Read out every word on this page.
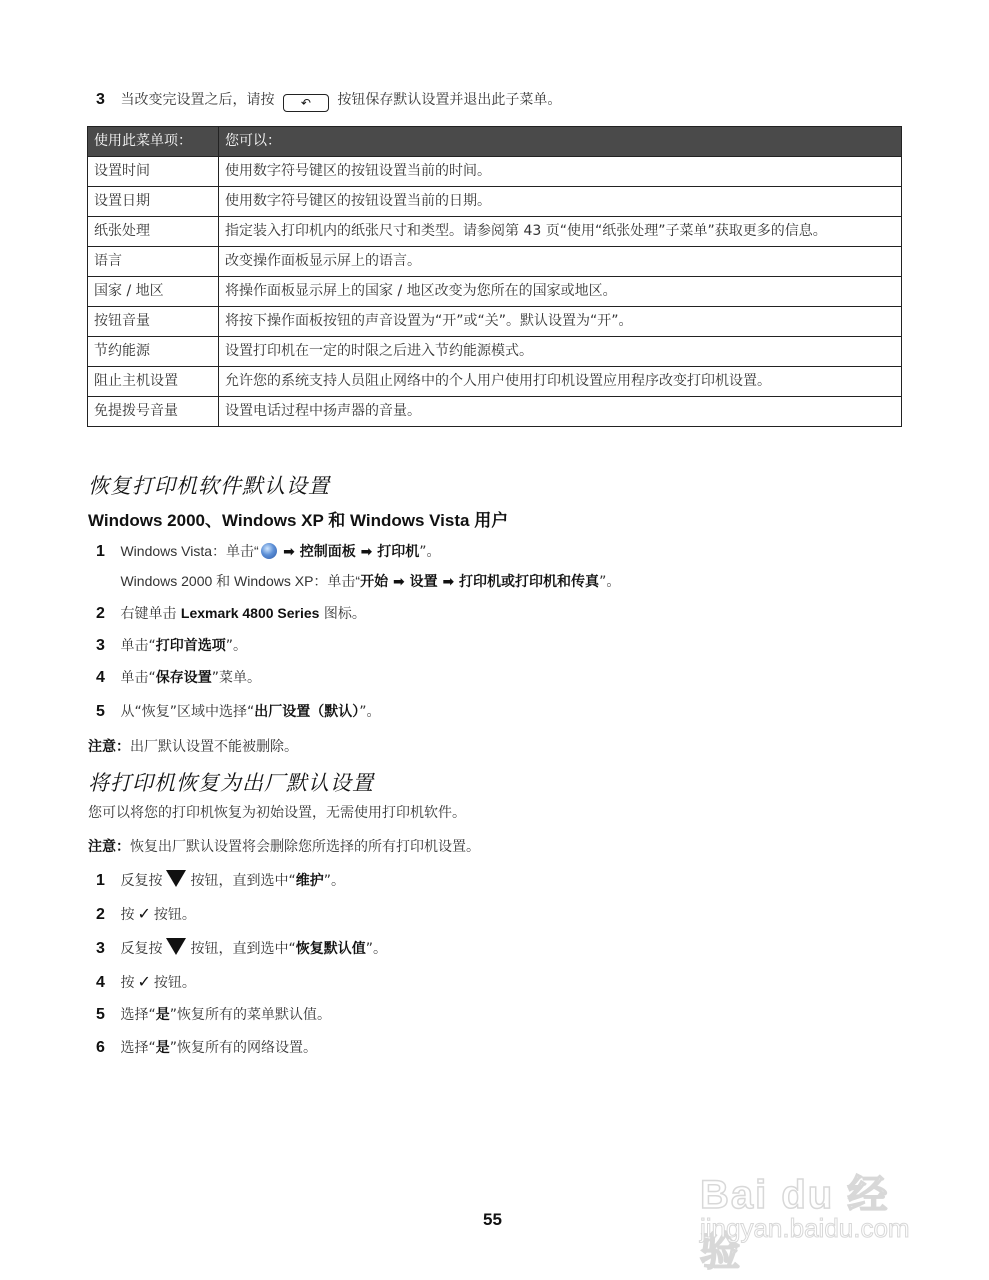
3 当改变完设置之后，请按 ↶ 按钮保存默认设置并退出此子菜单。
使用此菜单项：	您可以：
设置时间	使用数字符号键区的按钮设置当前的时间。
设置日期	使用数字符号键区的按钮设置当前的日期。
纸张处理	指定装入打印机内的纸张尺寸和类型。请参阅第 43 页“使用“纸张处理”子菜单”获取更多的信息。
语言	改变操作面板显示屏上的语言。
国家 / 地区	将操作面板显示屏上的国家 / 地区改变为您所在的国家或地区。
按钮音量	将按下操作面板按钮的声音设置为“开”或“关”。默认设置为“开”。
节约能源	设置打印机在一定的时限之后进入节约能源模式。
阻止主机设置	允许您的系统支持人员阻止网络中的个人用户使用打印机设置应用程序改变打印机设置。
免提拨号音量	设置电话过程中扬声器的音量。
恢复打印机软件默认设置
Windows 2000、Windows XP 和 Windows Vista 用户
1 Windows Vista：单击“ ➡ 控制面板 ➡ 打印机”。
Windows 2000 和 Windows XP：单击“开始 ➡ 设置 ➡ 打印机或打印机和传真”。
2 右键单击 Lexmark 4800 Series 图标。
3 单击“打印首选项”。
4 单击“保存设置”菜单。
5 从“恢复”区域中选择“出厂设置（默认）”。
注意：出厂默认设置不能被删除。
将打印机恢复为出厂默认设置
您可以将您的打印机恢复为初始设置，无需使用打印机软件。
注意：恢复出厂默认设置将会删除您所选择的所有打印机设置。
1 反复按 按钮，直到选中“维护”。
2 按 ✓ 按钮。
3 反复按 按钮，直到选中“恢复默认值”。
4 按 ✓ 按钮。
5 选择“是”恢复所有的菜单默认值。
6 选择“是”恢复所有的网络设置。
55
Bai du 经验
jingyan.baidu.com
